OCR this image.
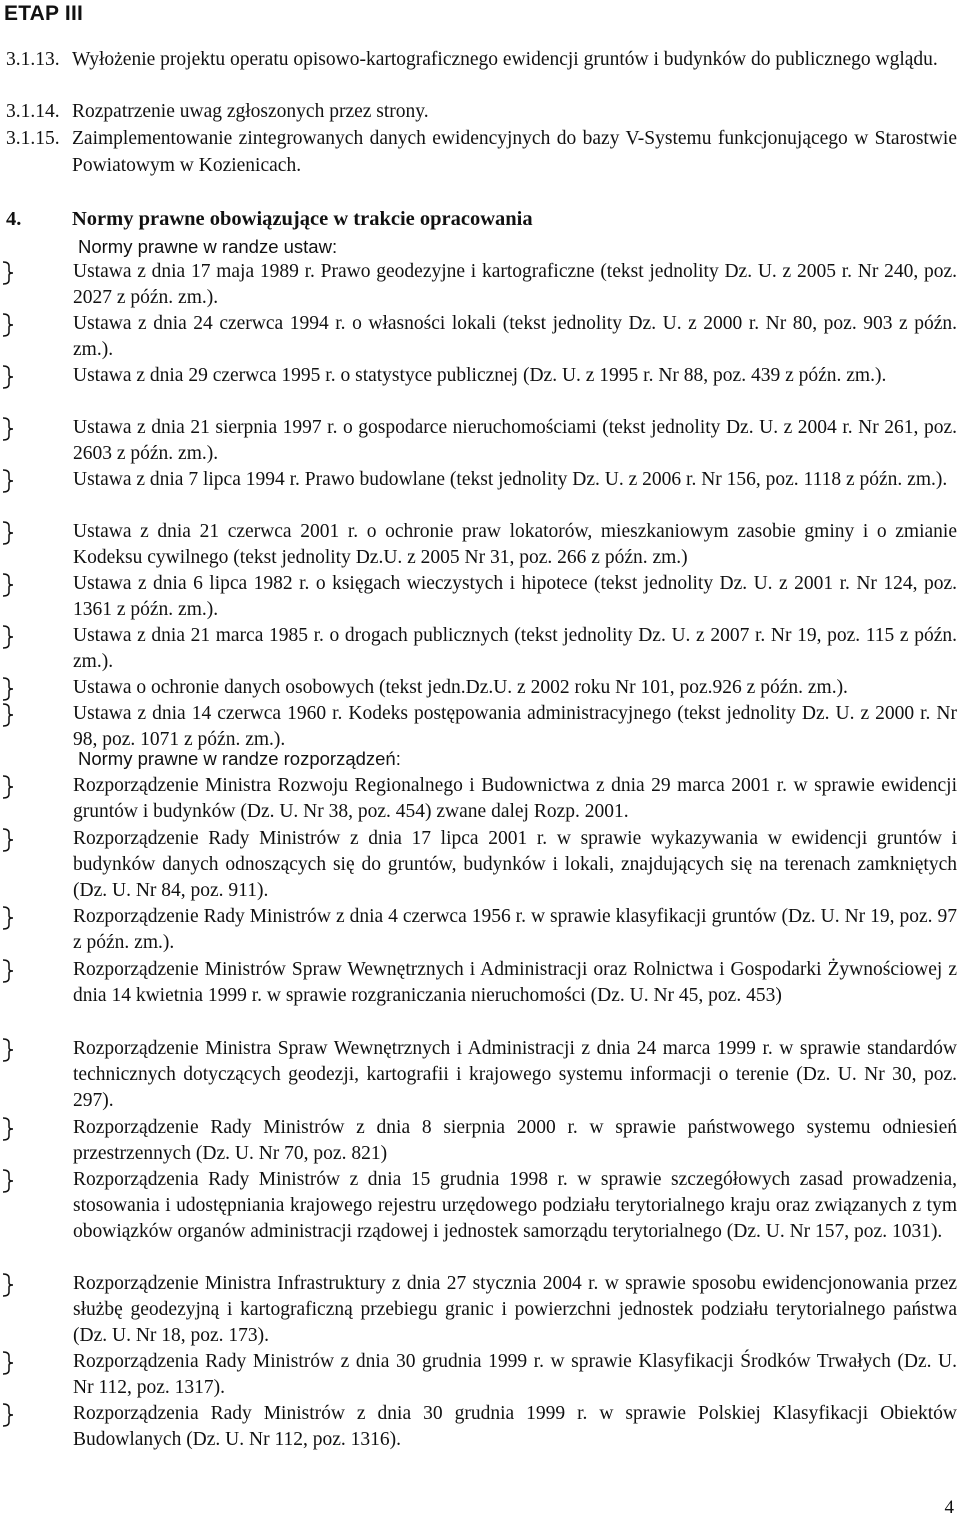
ETAP III
3.1.13. Wyłożenie projektu operatu opisowo-kartograficznego ewidencji gruntów i budynków do publicznego wglądu.
3.1.14. Rozpatrzenie uwag zgłoszonych przez strony.
3.1.15. Zaimplementowanie zintegrowanych danych ewidencyjnych do bazy V-Systemu funkcjonującego w Starostwie Powiatowym w Kozienicach.
4. Normy prawne obowiązujące w trakcie opracowania
Normy prawne w randze ustaw:
Ustawa z dnia 17 maja 1989 r. Prawo geodezyjne i kartograficzne (tekst jednolity Dz. U. z 2005 r. Nr 240, poz. 2027 z późn. zm.).
Ustawa z dnia 24 czerwca 1994 r. o własności lokali (tekst jednolity Dz. U. z 2000 r. Nr 80, poz. 903 z późn. zm.).
Ustawa z dnia 29 czerwca 1995 r. o statystyce publicznej (Dz. U. z 1995 r. Nr 88, poz. 439 z późn. zm.).
Ustawa z dnia 21 sierpnia 1997 r. o gospodarce nieruchomościami (tekst jednolity Dz. U. z 2004 r. Nr 261, poz. 2603 z późn. zm.).
Ustawa z dnia 7 lipca 1994 r. Prawo budowlane (tekst jednolity Dz. U. z 2006 r. Nr 156, poz. 1118 z późn. zm.).
Ustawa z dnia 21 czerwca 2001 r. o ochronie praw lokatorów, mieszkaniowym zasobie gminy i o zmianie Kodeksu cywilnego (tekst jednolity Dz.U. z 2005 Nr 31, poz. 266 z późn. zm.)
Ustawa z dnia 6 lipca 1982 r. o księgach wieczystych i hipotece (tekst jednolity Dz. U. z 2001 r. Nr 124, poz. 1361 z późn. zm.).
Ustawa z dnia 21 marca 1985 r. o drogach publicznych (tekst jednolity Dz. U. z 2007 r. Nr 19, poz. 115 z późn. zm.).
Ustawa o ochronie danych osobowych (tekst jedn.Dz.U. z 2002 roku Nr 101, poz.926 z późn. zm.).
Ustawa z dnia 14 czerwca 1960 r. Kodeks postępowania administracyjnego (tekst jednolity Dz. U. z 2000 r. Nr 98, poz. 1071 z późn. zm.).
Normy prawne w randze rozporządzeń:
Rozporządzenie Ministra Rozwoju Regionalnego i Budownictwa z dnia 29 marca 2001 r. w sprawie ewidencji gruntów i budynków (Dz. U. Nr 38, poz. 454) zwane dalej Rozp. 2001.
Rozporządzenie Rady Ministrów z dnia 17 lipca 2001 r. w sprawie wykazywania w ewidencji gruntów i budynków danych odnoszących się do gruntów, budynków i lokali, znajdujących się na terenach zamkniętych (Dz. U. Nr 84, poz. 911).
Rozporządzenie Rady Ministrów z dnia 4 czerwca 1956 r. w sprawie klasyfikacji gruntów (Dz. U. Nr 19, poz. 97 z późn. zm.).
Rozporządzenie Ministrów Spraw Wewnętrznych i Administracji oraz Rolnictwa i Gospodarki Żywnościowej z dnia 14 kwietnia 1999 r. w sprawie rozgraniczania nieruchomości (Dz. U. Nr 45, poz. 453)
Rozporządzenie Ministra Spraw Wewnętrznych i Administracji z dnia 24 marca 1999 r. w sprawie standardów technicznych dotyczących geodezji, kartografii i krajowego systemu informacji o terenie (Dz. U. Nr 30, poz. 297).
Rozporządzenie Rady Ministrów z dnia 8 sierpnia 2000 r. w sprawie państwowego systemu odniesień przestrzennych (Dz. U. Nr 70, poz. 821)
Rozporządzenia Rady Ministrów z dnia 15 grudnia 1998 r. w sprawie szczegółowych zasad prowadzenia, stosowania i udostępniania krajowego rejestru urzędowego podziału terytorialnego kraju oraz związanych z tym obowiązków organów administracji rządowej i jednostek samorządu terytorialnego (Dz. U. Nr 157, poz. 1031).
Rozporządzenie Ministra Infrastruktury z dnia 27 stycznia 2004 r. w sprawie sposobu ewidencjonowania przez służbę geodezyjną i kartograficzną przebiegu granic i powierzchni jednostek podziału terytorialnego państwa (Dz. U. Nr 18, poz. 173).
Rozporządzenia Rady Ministrów z dnia 30 grudnia 1999 r. w sprawie Klasyfikacji Środków Trwałych (Dz. U. Nr 112, poz. 1317).
Rozporządzenia Rady Ministrów z dnia 30 grudnia 1999 r. w sprawie Polskiej Klasyfikacji Obiektów Budowlanych (Dz. U. Nr 112, poz. 1316).
4
